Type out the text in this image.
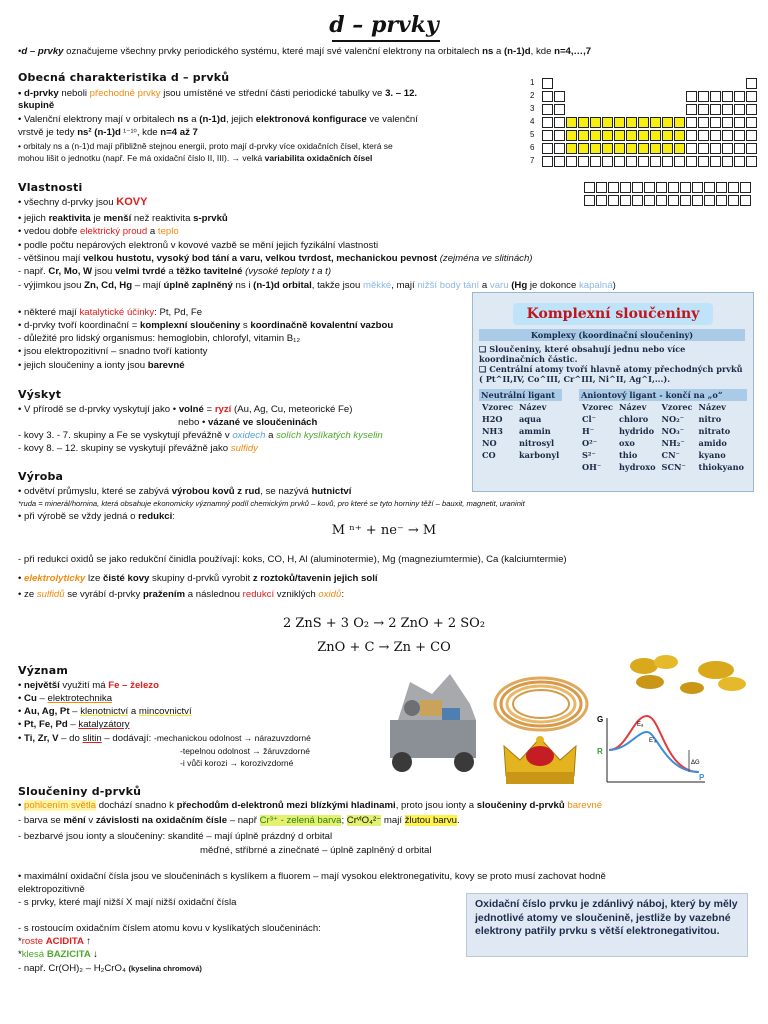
d – prvky
•d – prvky označujeme všechny prvky periodického systému, které mají své valenční elektrony na orbitalech ns a (n-1)d, kde n=4,…,7
Obecná charakteristika d – prvků
• d-prvky neboli přechodné prvky jsou umístěné ve střední části periodické tabulky ve 3. – 12.
skupině
• Valenční elektrony mají v orbitalech ns a (n-1)d, jejich elektronová konfigurace ve valenční
vrstvě je tedy ns² (n-1)d ¹⁻¹⁰, kde n=4 až 7
• orbitaly ns a (n-1)d mají přibližně stejnou energii, proto mají d-prvky více oxidačních čísel, která se
mohou lišit o jednotku (např. Fe má oxidační číslo II, III). → velká variabilita oxidačních čísel
1
2
3
4
5
6
7
Vlastnosti
• všechny d-prvky jsou KOVY
• jejich reaktivita je menší než reaktivita s-prvků
• vedou dobře elektrický proud a teplo
• podle počtu nepárových elektronů v kovové vazbě se mění jejich fyzikální vlastnosti
- většinou mají velkou hustotu, vysoký bod tání a varu, velkou tvrdost, mechanickou pevnost (zejména ve slitinách)
- např. Cr, Mo, W jsou velmi tvrdé a těžko tavitelné (vysoké teploty t a t)
- výjimkou jsou Zn, Cd, Hg – mají úplně zaplněný ns i (n-1)d orbital, takže jsou měkké, mají nižší body tání a varu (Hg je dokonce kapalná)
• některé mají katalytické účinky: Pt, Pd, Fe
• d-prvky tvoří koordinační = komplexní sloučeniny s koordinačně kovalentní vazbou
- důležité pro lidský organismus: hemoglobin, chlorofyl, vitamin B₁₂
• jsou elektropozitivní – snadno tvoří kationty
• jejich sloučeniny a ionty jsou barevné
Komplexní sloučeniny
Komplexy (koordinační sloučeniny)
❑ Sloučeniny, které obsahují jednu nebo více koordinačních částic.
❑ Centrální atomy tvoří hlavně atomy přechodných prvků ( Pt^II,IV, Co^III, Cr^III, Ni^II, Ag^I,...).
Neutrální ligant
Vzorec	Název
H2O	aqua
NH3	ammin
NO	nitrosyl
CO	karbonyl
Aniontový ligant - končí na „o“
Vzorec	Název	Vzorec	Název
Cl⁻	chloro	NO₂⁻	nitro
H⁻	hydrido	NO₃⁻	nitrato
O²⁻	oxo	NH₂⁻	amido
S²⁻	thio	CN⁻	kyano
OH⁻	hydroxo	SCN⁻	thiokyano
Výskyt
• V přírodě se d-prvky vyskytují jako • volné = ryzí (Au, Ag, Cu, meteorické Fe)
nebo • vázané ve sloučeninách
- kovy 3. - 7. skupiny a Fe se vyskytují převážně v oxidech a solích kyslíkatých kyselin
- kovy 8. – 12. skupiny se vyskytují převážně jako sulfidy
Výroba
• odvětví průmyslu, které se zabývá výrobou kovů z rud, se nazývá hutnictví
*ruda = minerál/hornina, která obsahuje ekonomicky významný podíl chemickým prvků – kovů, pro které se tyto horniny těží – bauxit, magnetit, uraninit
• při výrobě se vždy jedná o redukci:
M ⁿ⁺ + ne⁻ → M
- při redukci oxidů se jako redukční činidla používají: koks, CO, H, Al (aluminotermie), Mg (magneziumtermie), Ca (kalciumtermie)
• elektrolyticky lze čisté kovy skupiny d-prvků vyrobit z roztoků/tavenin jejich solí
• ze sulfidů se vyrábí d-prvky pražením a následnou redukcí vzniklých oxidů:
2 ZnS + 3 O₂ → 2 ZnO + 2 SO₂
ZnO + C → Zn + CO
Význam
• největší využití má Fe – železo
• Cu – elektrotechnika
• Au, Ag, Pt – klenotnictví a mincovnictví
• Pt, Fe, Pd – katalyzátory
• Ti, Zr, V – do slitin – dodávají: -mechanickou odolnost → nárazuvzdorné
-tepelnou odolnost → žáruvzdorné
-i vůči korozi → korozivzdorné
G
R
P
Eₐ
E'ₐ
ΔG
Sloučeniny d-prvků
• pohlcením světla dochází snadno k přechodům d-elektronů mezi blízkými hladinami, proto jsou ionty a sloučeniny d-prvků barevné
- barva se mění v závislosti na oxidačním čísle – např Cr³⁺ - zelená barva; CrᵛᴵO₄²⁻ mají žlutou barvu.
- bezbarvé jsou ionty a sloučeniny: skandité – mají úplně prázdný d orbital
měďné, stříbrné a zinečnaté – úplně zaplněný d orbital
• maximální oxidační čísla jsou ve sloučeninách s kyslíkem a fluorem – mají vysokou elektronegativitu, kovy se proto musí zachovat hodně
elektropozitivně
- s prvky, které mají nižší X mají nižší oxidační čísla
- s rostoucím oxidačním číslem atomu kovu v kyslíkatých sloučeninách:
*roste ACIDITA ↑
*klesá BAZICITA ↓
- např. Cr(OH)₂ – H₂CrO₄ (kyselina chromová)
Oxidační číslo prvku je zdánlivý náboj, který by měly jednotlivé atomy ve sloučenině, jestliže by vazebné elektrony patřily prvku s větší elektronegativitou.
